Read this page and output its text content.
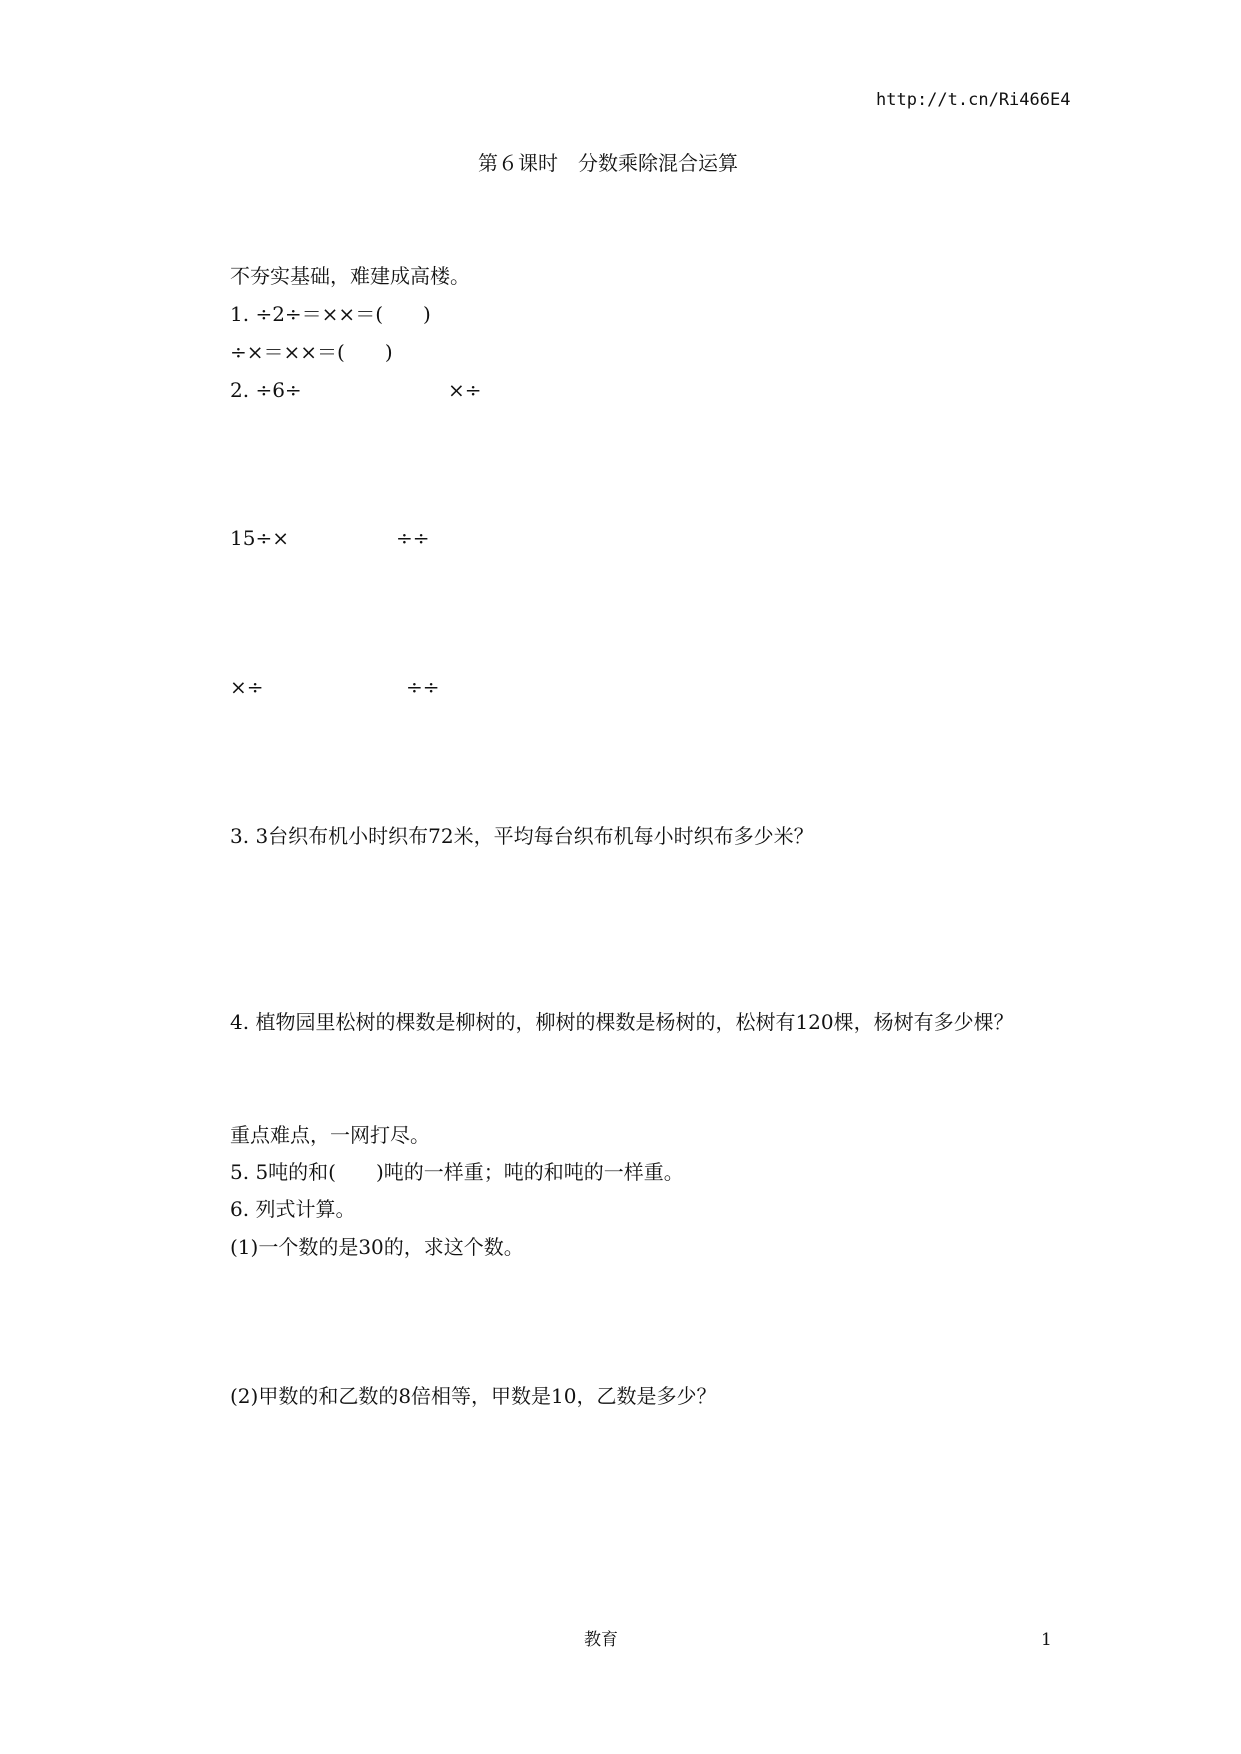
http://t.cn/Ri466E4
第６课时　分数乘除混合运算
不夯实基础，难建成高楼。
1. ÷2÷＝××＝(　　)
÷×＝××＝(　　)
2. ÷6÷	×÷
15÷×	÷÷
×÷	÷÷
3. 3台织布机小时织布72米，平均每台织布机每小时织布多少米？
4. 植物园里松树的棵数是柳树的，柳树的棵数是杨树的，松树有120棵，杨树有多少棵？
重点难点，一网打尽。
5. 5吨的和(　　)吨的一样重；吨的和吨的一样重。
6. 列式计算。
(1)一个数的是30的，求这个数。
(2)甲数的和乙数的8倍相等，甲数是10，乙数是多少？
教育	1
